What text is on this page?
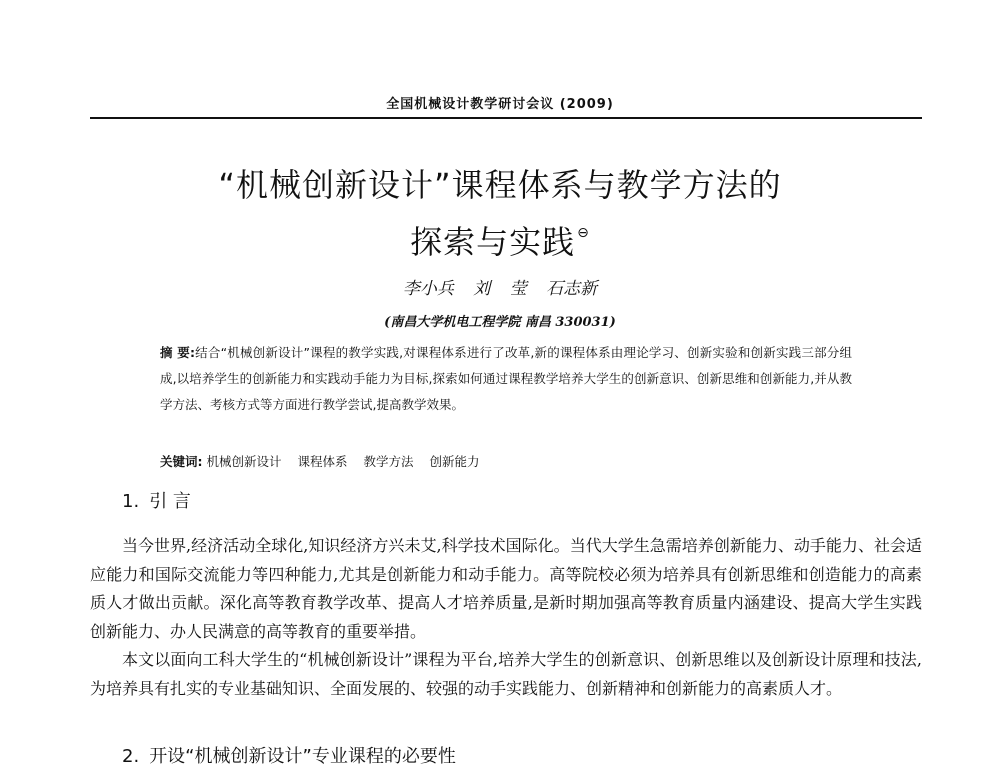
全国机械设计教学研讨会议 (2009)
“机械创新设计”课程体系与教学方法的
探索与实践 ⊖
李小兵 刘 莹 石志新
(南昌大学机电工程学院 南昌 330031)
摘 要:结合“机械创新设计”课程的教学实践,对课程体系进行了改革,新的课程体系由理论学习、创新实验和创新实践三部分组成,以培养学生的创新能力和实践动手能力为目标,探索如何通过课程教学培养大学生的创新意识、创新思维和创新能力,并从教学方法、考核方式等方面进行教学尝试,提高教学效果。
关键词: 机械创新设计 课程体系 教学方法 创新能力
1. 引 言

当今世界,经济活动全球化,知识经济方兴未艾,科学技术国际化。当代大学生急需培养创新能力、动手能力、社会适应能力和国际交流能力等四种能力,尤其是创新能力和动手能力。高等院校必须为培养具有创新思维和创造能力的高素质人才做出贡献。深化高等教育教学改革、提高人才培养质量,是新时期加强高等教育质量内涵建设、提高大学生实践创新能力、办人民满意的高等教育的重要举措。

本文以面向工科大学生的“机械创新设计”课程为平台,培养大学生的创新意识、创新思维以及创新设计原理和技法,为培养具有扎实的专业基础知识、全面发展的、较强的动手实践能力、创新精神和创新能力的高素质人才。

2. 开设“机械创新设计”专业课程的必要性
